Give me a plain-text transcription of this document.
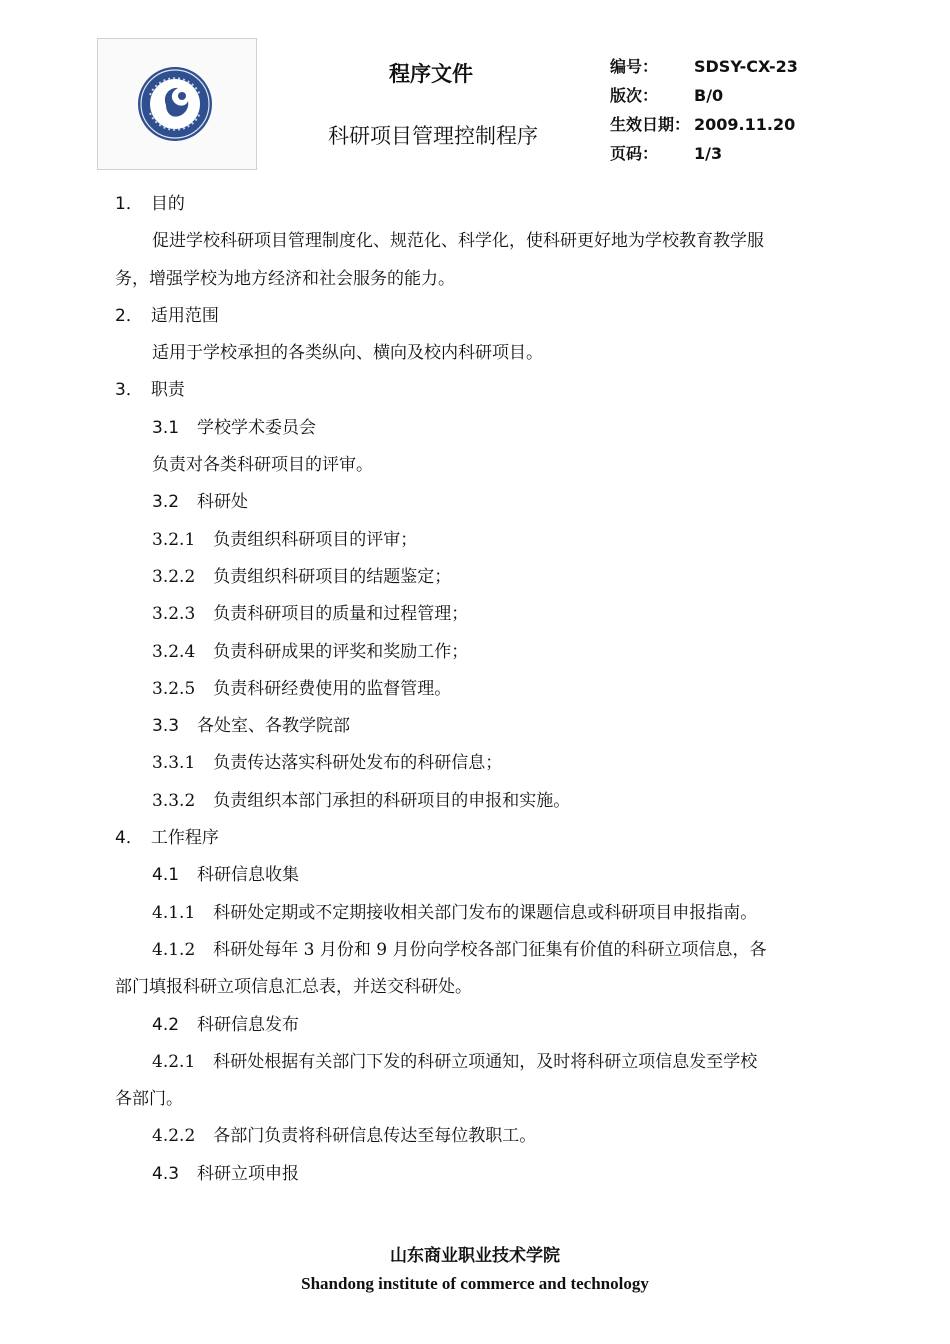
程序文件
科研项目管理控制程序
编号： SDSY-CX-23
版次： B/0
生效日期： 2009.11.20
页码： 1/3
1． 目的
促进学校科研项目管理制度化、规范化、科学化，使科研更好地为学校教育教学服
务，增强学校为地方经济和社会服务的能力。
2． 适用范围
适用于学校承担的各类纵向、横向及校内科研项目。
3． 职责
3.1 学校学术委员会
负责对各类科研项目的评审。
3.2 科研处
3.2.1 负责组织科研项目的评审；
3.2.2 负责组织科研项目的结题鉴定；
3.2.3 负责科研项目的质量和过程管理；
3.2.4 负责科研成果的评奖和奖励工作；
3.2.5 负责科研经费使用的监督管理。
3.3 各处室、各教学院部
3.3.1 负责传达落实科研处发布的科研信息；
3.3.2 负责组织本部门承担的科研项目的申报和实施。
4． 工作程序
4.1 科研信息收集
4.1.1 科研处定期或不定期接收相关部门发布的课题信息或科研项目申报指南。
4.1.2 科研处每年 3 月份和 9 月份向学校各部门征集有价值的科研立项信息，各
部门填报科研立项信息汇总表，并送交科研处。
4.2 科研信息发布
4.2.1 科研处根据有关部门下发的科研立项通知，及时将科研立项信息发至学校
各部门。
4.2.2 各部门负责将科研信息传达至每位教职工。
4.3 科研立项申报
山东商业职业技术学院
Shandong institute of commerce and technology
